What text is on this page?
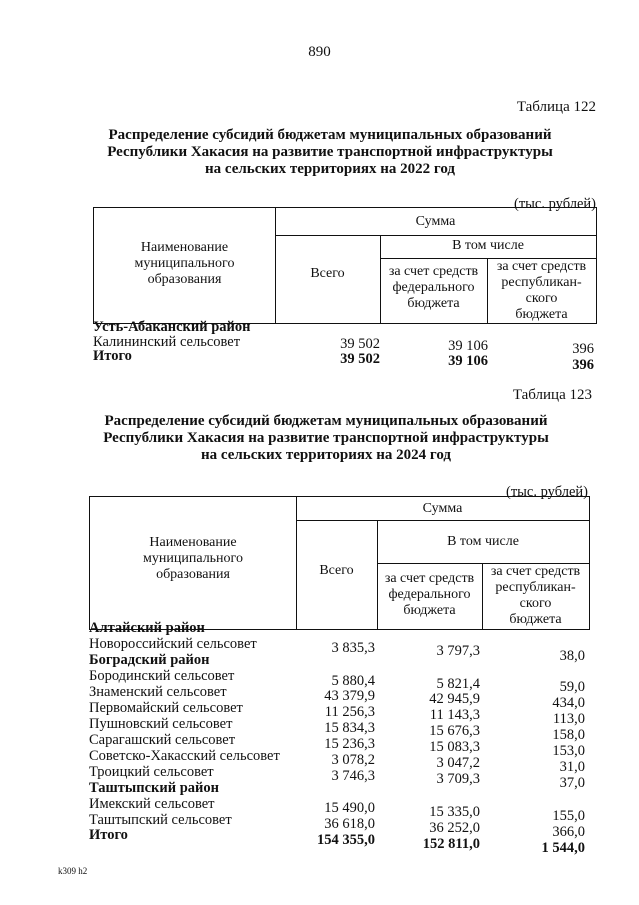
890
Таблица 122
Распределение субсидий бюджетам муниципальных образований
Республики Хакасия на развитие транспортной инфраструктуры
на сельских территориях на 2022 год
(тыс. рублей)
Наименование
муниципального
образования
Сумма
Всего
В том числе
за счет средств
федерального
бюджета
за счет средств
республикан-
ского
бюджета
Усть-Абаканский район
Калининский сельсовет	39 502	39 106	396
Итого	39 502	39 106	396
Таблица 123
Распределение субсидий бюджетам муниципальных образований
Республики Хакасия на развитие транспортной инфраструктуры
на сельских территориях на 2024 год
(тыс. рублей)
Наименование
муниципального
образования
Сумма
Всего
В том числе
за счет средств
федерального
бюджета
за счет средств
республикан-
ского
бюджета
Алтайский район
Новороссийский сельсовет	3 835,3	3 797,3	38,0
Боградский район
Бородинский сельсовет	5 880,4	5 821,4	59,0
Знаменский сельсовет	43 379,9	42 945,9	434,0
Первомайский сельсовет	11 256,3	11 143,3	113,0
Пушновский сельсовет	15 834,3	15 676,3	158,0
Сарагашский сельсовет	15 236,3	15 083,3	153,0
Советско-Хакасский сельсовет	3 078,2	3 047,2	31,0
Троицкий сельсовет	3 746,3	3 709,3	37,0
Таштыпский район
Имекский сельсовет	15 490,0	15 335,0	155,0
Таштыпский сельсовет	36 618,0	36 252,0	366,0
Итого	154 355,0	152 811,0	1 544,0
k309 h2
